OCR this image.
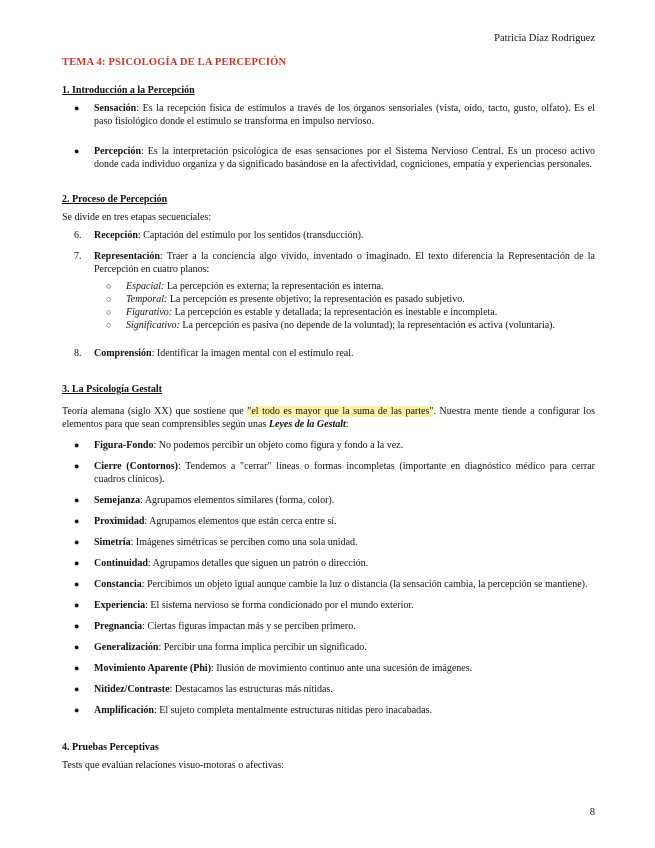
Patricia Díaz Rodríguez
TEMA 4: PSICOLOGÍA DE LA PERCEPCIÓN
1. Introducción a la Percepción
● Sensación: Es la recepción física de estímulos a través de los órganos sensoriales (vista, oído, tacto, gusto, olfato). Es el paso fisiológico donde el estímulo se transforma en impulso nervioso.
● Percepción: Es la interpretación psicológica de esas sensaciones por el Sistema Nervioso Central. Es un proceso activo donde cada individuo organiza y da significado basándose en la afectividad, cogniciones, empatía y experiencias personales.
2. Proceso de Percepción
Se divide en tres etapas secuenciales:
6. Recepción: Captación del estímulo por los sentidos (transducción).
7. Representación: Traer a la conciencia algo vivido, inventado o imaginado. El texto diferencia la Representación de la Percepción en cuatro planos:
○ Espacial: La percepción es externa; la representación es interna.
○ Temporal: La percepción es presente objetivo; la representación es pasado subjetivo.
○ Figurativo: La percepción es estable y detallada; la representación es inestable e incompleta.
○ Significativo: La percepción es pasiva (no depende de la voluntad); la representación es activa (voluntaria).
8. Comprensión: Identificar la imagen mental con el estímulo real.
3. La Psicología Gestalt
Teoría alemana (siglo XX) que sostiene que "el todo es mayor que la suma de las partes". Nuestra mente tiende a configurar los elementos para que sean comprensibles según unas Leyes de la Gestalt:
● Figura-Fondo: No podemos percibir un objeto como figura y fondo a la vez.
● Cierre (Contornos): Tendemos a "cerrar" líneas o formas incompletas (importante en diagnóstico médico para cerrar cuadros clínicos).
● Semejanza: Agrupamos elementos similares (forma, color).
● Proximidad: Agrupamos elementos que están cerca entre sí.
● Simetría: Imágenes simétricas se perciben como una sola unidad.
● Continuidad: Agrupamos detalles que siguen un patrón o dirección.
● Constancia: Percibimos un objeto igual aunque cambie la luz o distancia (la sensación cambia, la percepción se mantiene).
● Experiencia: El sistema nervioso se forma condicionado por el mundo exterior.
● Pregnancia: Ciertas figuras impactan más y se perciben primero.
● Generalización: Percibir una forma implica percibir un significado.
● Movimiento Aparente (Phi): Ilusión de movimiento continuo ante una sucesión de imágenes.
● Nitidez/Contraste: Destacamos las estructuras más nítidas.
● Amplificación: El sujeto completa mentalmente estructuras nítidas pero inacabadas.
4. Pruebas Perceptivas
Tests que evalúan relaciones visuo-motoras o afectivas:
8
